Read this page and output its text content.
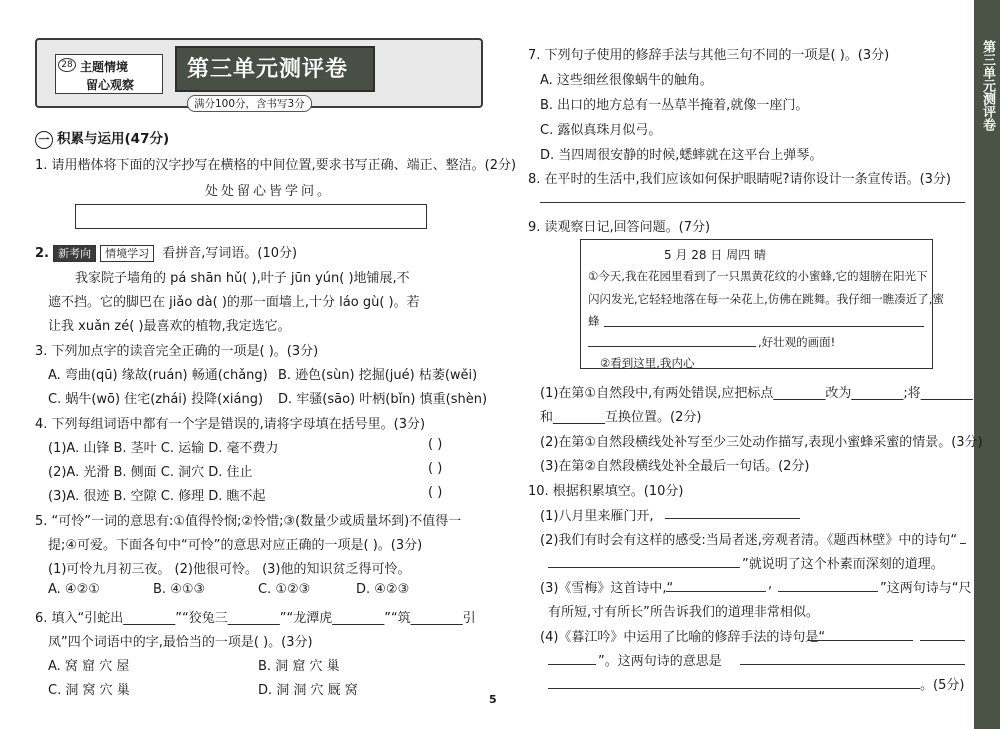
28 主题情境
留心观察
第三单元测评卷
满分100分，含书写3分	第三单元测评卷
一 积累与运用(47分)
1. 请用楷体将下面的汉字抄写在横格的中间位置,要求书写正确、端正、整洁。(2分)
处处留心皆学问。
2. 新考向 情境学习 看拼音,写词语。(10分)
我家院子墙角的 pá shān hǔ( ),叶子 jūn yún( )地铺展,不
遮不挡。它的脚巴在 jiǎo dà( )的那一面墙上,十分 láo gù( )。若
让我 xuǎn zé( )最喜欢的植物,我定选它。
3. 下列加点字的读音完全正确的一项是( )。(3分)
A. 弯曲(qū) 缘故(ruán) 畅通(chǎng) B. 逊色(sùn) 挖掘(jué) 枯萎(wěi)
C. 蜗牛(wō) 住宅(zhái) 投降(xiáng) D. 牢骚(sāo) 叶柄(bǐn) 慎重(shèn)
4. 下列每组词语中都有一个字是错误的,请将字母填在括号里。(3分)
(1)A. 山锋 B. 茎叶 C. 运输 D. 毫不费力	( )
(2)A. 光滑 B. 侧面 C. 洞穴 D. 住止	( )
(3)A. 很迹 B. 空隙 C. 修理 D. 瞧不起	( )
5. “可怜”一词的意思有:①值得怜悯;②怜惜;③(数量少或质量坏到)不值得一
提;④可爱。下面各句中“可怜”的意思对应正确的一项是( )。(3分)
(1)可怜九月初三夜。 (2)他很可怜。 (3)他的知识贫乏得可怜。
A. ④②①	B. ④①③	C. ①②③	D. ④②③
6. 填入“引蛇出________”“狡兔三________”“龙潭虎________”“筑________引
凤”四个词语中的字,最恰当的一项是( )。(3分)
A. 窝 窟 穴 屋	B. 洞 窟 穴 巢
C. 洞 窝 穴 巢	D. 洞 洞 穴 厩 窝
7. 下列句子使用的修辞手法与其他三句不同的一项是( )。(3分)
A. 这些细丝很像蜗牛的触角。
B. 出口的地方总有一丛草半掩着,就像一座门。
C. 露似真珠月似弓。
D. 当四周很安静的时候,蟋蟀就在这平台上弹琴。
8. 在平时的生活中,我们应该如何保护眼睛呢?请你设计一条宣传语。(3分)
9. 读观察日记,回答问题。(7分)
5 月 28 日 周四 晴
①今天,我在花园里看到了一只黑黄花纹的小蜜蜂,它的翅膀在阳光下
闪闪发光,它轻轻地落在每一朵花上,仿佛在跳舞。我仔细一瞧凑近了,蜜
蜂
,好壮观的画面!
②看到这里,我内心
(1)在第①自然段中,有两处错误,应把标点________改为________;将________
和________互换位置。(2分)
(2)在第①自然段横线处补写至少三处动作描写,表现小蜜蜂采蜜的情景。(3分)
(3)在第②自然段横线处补全最后一句话。(2分)
10. 根据积累填空。(10分)
(1)八月里来雁门开,
(2)我们有时会有这样的感受:当局者迷,旁观者清。《题西林壁》中的诗句“
”就说明了这个朴素而深刻的道理。
(3)《雪梅》这首诗中,“	,	”这两句诗与“尺
有所短,寸有所长”所告诉我们的道理非常相似。
(4)《暮江吟》中运用了比喻的修辞手法的诗句是“
”。这两句诗的意思是
。(5分)
5
